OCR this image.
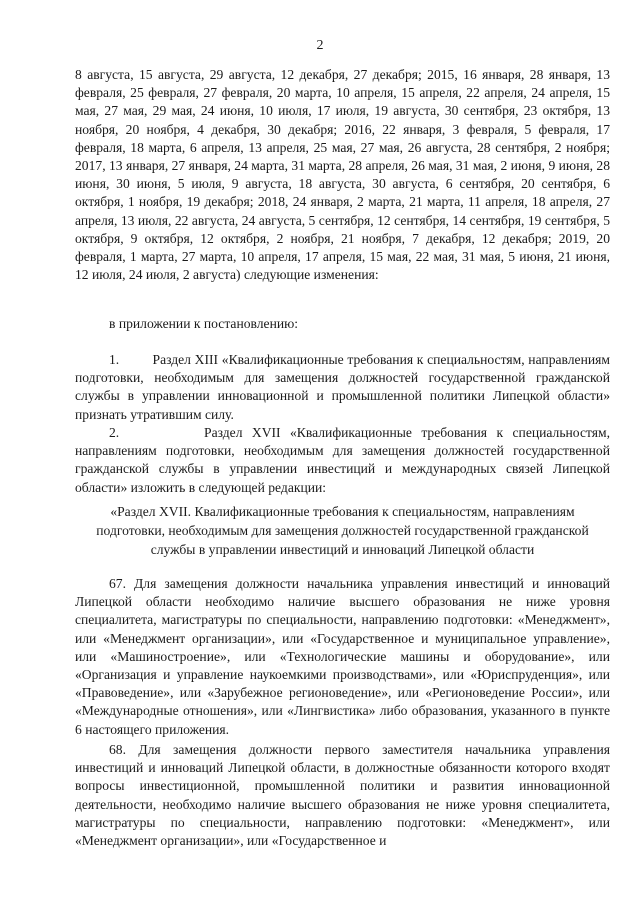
2

8 августа, 15 августа, 29 августа, 12 декабря, 27 декабря; 2015, 16 января, 28 января, 13 февраля, 25 февраля, 27 февраля, 20 марта, 10 апреля, 15 апреля, 22 апреля, 24 апреля, 15 мая, 27 мая, 29 мая, 24 июня, 10 июля, 17 июля, 19 августа, 30 сентября, 23 октября, 13 ноября, 20 ноября, 4 декабря, 30 декабря; 2016, 22 января, 3 февраля, 5 февраля, 17 февраля, 18 марта, 6 апреля, 13 апреля, 25 мая, 27 мая, 26 августа, 28 сентября, 2 ноября; 2017, 13 января, 27 января, 24 марта, 31 марта, 28 апреля, 26 мая, 31 мая, 2 июня, 9 июня, 28 июня, 30 июня, 5 июля, 9 августа, 18 августа, 30 августа, 6 сентября, 20 сентября, 6 октября, 1 ноября, 19 декабря; 2018, 24 января, 2 марта, 21 марта, 11 апреля, 18 апреля, 27 апреля, 13 июля, 22 августа, 24 августа, 5 сентября, 12 сентября, 14 сентября, 19 сентября, 5 октября, 9 октября, 12 октября, 2 ноября, 21 ноября, 7 декабря, 12 декабря; 2019, 20 февраля, 1 марта, 27 марта, 10 апреля, 17 апреля, 15 мая, 22 мая, 31 мая, 5 июня, 21 июня, 12 июля, 24 июля, 2 августа) следующие изменения:

в приложении к постановлению:

1.         Раздел XIII «Квалификационные требования к специальностям, направлениям подготовки, необходимым для замещения должностей государственной гражданской службы в управлении инновационной и промышленной политики Липецкой области» признать утратившим силу.

2.         Раздел XVII «Квалификационные требования к специальностям, направлениям подготовки, необходимым для замещения должностей государственной гражданской службы в управлении инвестиций и международных связей Липецкой области» изложить в следующей редакции:

«Раздел XVII. Квалификационные требования к специальностям, направлениям подготовки, необходимым для замещения должностей государственной гражданской службы в управлении инвестиций и инноваций Липецкой области

67. Для замещения должности начальника управления инвестиций и инноваций Липецкой области необходимо наличие высшего образования не ниже уровня специалитета, магистратуры по специальности, направлению подготовки: «Менеджмент», или «Менеджмент организации», или «Государственное и муниципальное управление», или «Машиностроение», или «Технологические машины и оборудование», или «Организация и управление наукоемкими производствами», или «Юриспруденция», или «Правоведение», или «Зарубежное регионоведение», или «Регионоведение России», или «Международные отношения», или «Лингвистика» либо образования, указанного в пункте 6 настоящего приложения.

68. Для замещения должности первого заместителя начальника управления инвестиций и инноваций Липецкой области, в должностные обязанности которого входят вопросы инвестиционной, промышленной политики и развития инновационной деятельности, необходимо наличие высшего образования не ниже уровня специалитета, магистратуры по специальности, направлению подготовки: «Менеджмент», или «Менеджмент организации», или «Государственное и
